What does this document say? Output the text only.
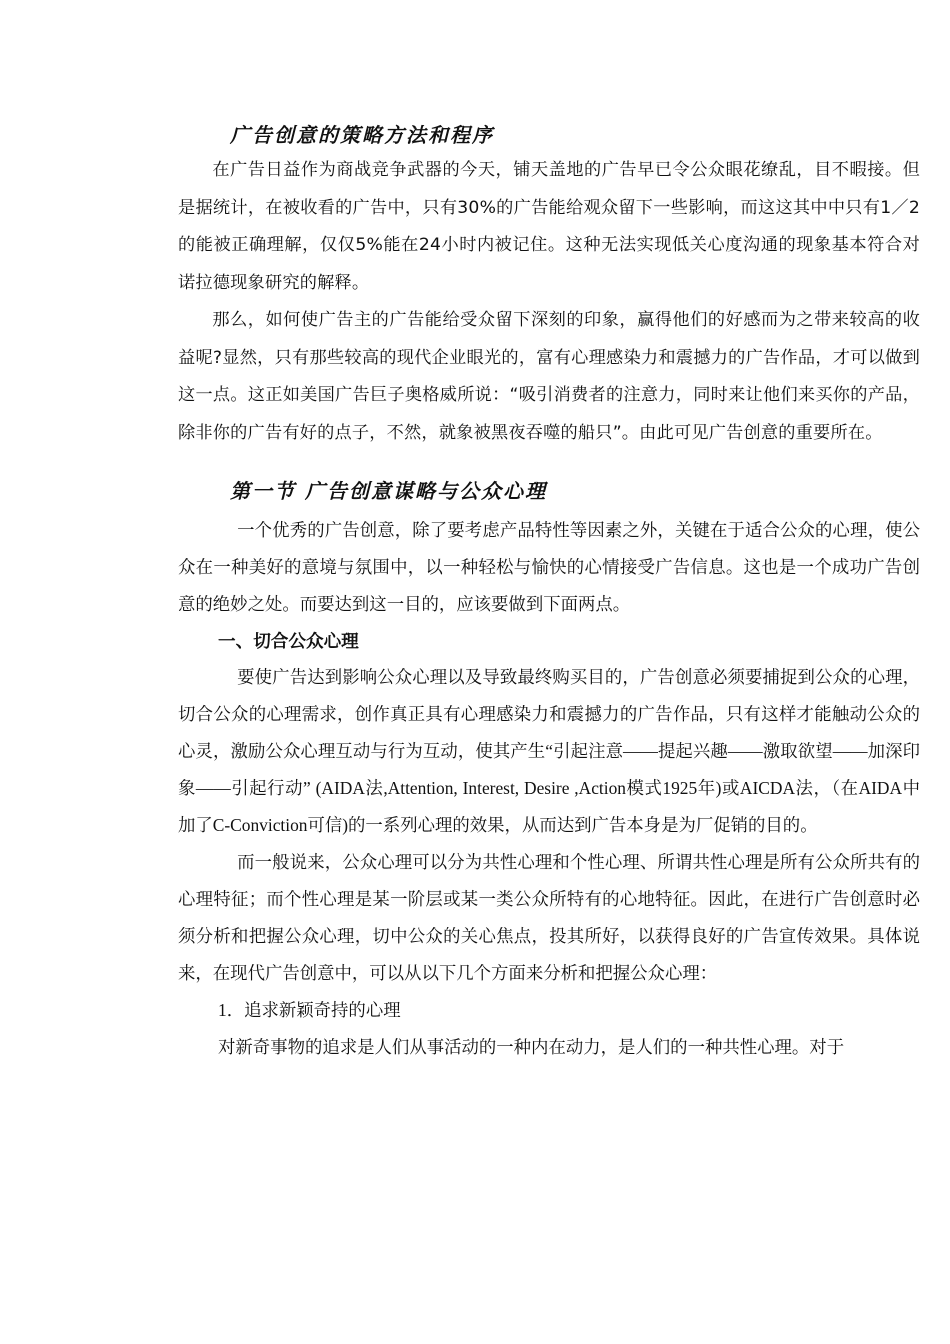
广告创意的策略方法和程序

在广告日益作为商战竞争武器的今天，铺天盖地的广告早已令公众眼花缭乱，目不暇接。但是据统计，在被收看的广告中，只有30%的广告能给观众留下一些影响，而这这其中中只有1／2的能被正确理解，仅仅5%能在24小时内被记住。这种无法实现低关心度沟通的现象基本符合对诺拉德现象研究的解释。

那么，如何使广告主的广告能给受众留下深刻的印象，赢得他们的好感而为之带来较高的收益呢?显然，只有那些较高的现代企业眼光的，富有心理感染力和震撼力的广告作品，才可以做到这一点。这正如美国广告巨子奥格威所说：“吸引消费者的注意力，同时来让他们来买你的产品，除非你的广告有好的点子，不然，就象被黑夜吞噬的船只”。由此可见广告创意的重要所在。

第一节 广告创意谋略与公众心理

一个优秀的广告创意，除了要考虑产品特性等因素之外，关键在于适合公众的心理，使公众在一种美好的意境与氛围中，以一种轻松与愉快的心情接受广告信息。这也是一个成功广告创意的绝妙之处。而要达到这一目的，应该要做到下面两点。

一、切合公众心理

要使广告达到影响公众心理以及导致最终购买目的，广告创意必须要捕捉到公众的心理，切合公众的心理需求，创作真正具有心理感染力和震撼力的广告作品，只有这样才能触动公众的心灵，激励公众心理互动与行为互动，使其产生“引起注意——提起兴趣——激取欲望——加深印象——引起行动” (AIDA法,Attention, Interest, Desire ,Action模式1925年)或AICDA法，（在AIDA中加了C-Conviction可信)的一系列心理的效果，从而达到广告本身是为厂促销的目的。

而一般说来，公众心理可以分为共性心理和个性心理、所谓共性心理是所有公众所共有的心理特征；而个性心理是某一阶层或某一类公众所特有的心地特征。因此，在进行广告创意时必须分析和把握公众心理，切中公众的关心焦点，投其所好，以获得良好的广告宣传效果。具体说来，在现代广告创意中，可以从以下几个方面来分析和把握公众心理：

1．追求新颖奇持的心理

对新奇事物的追求是人们从事活动的一种内在动力，是人们的一种共性心理。对于
